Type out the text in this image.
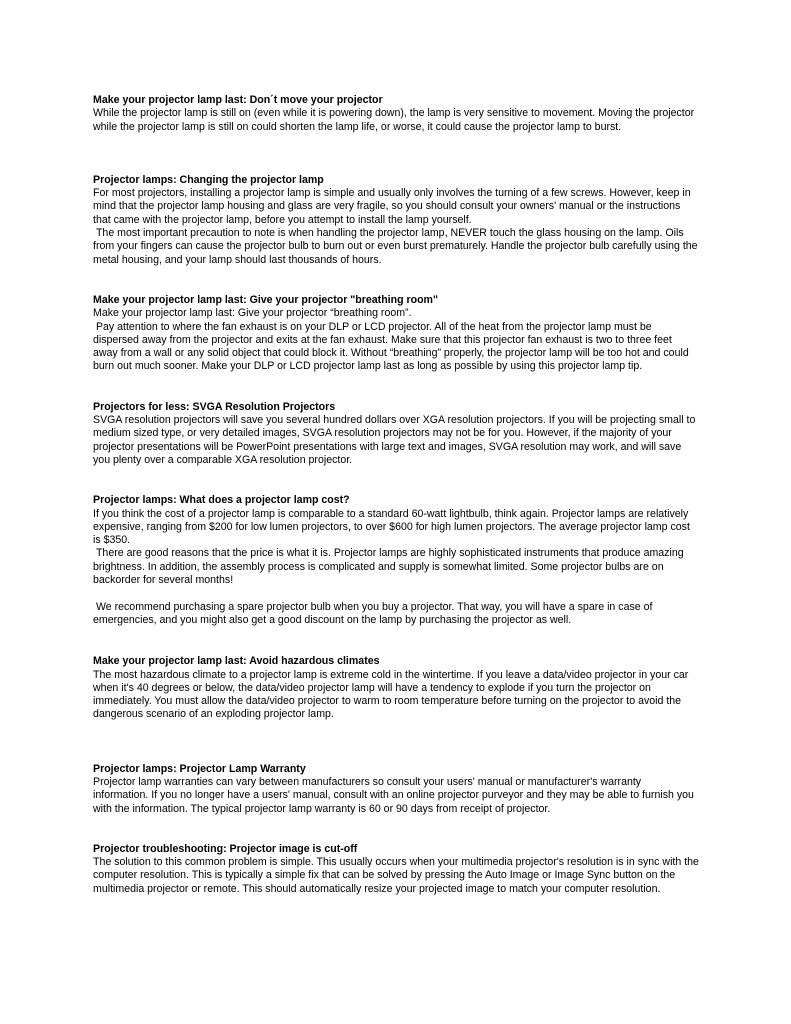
Make your projector lamp last: Don´t move your projector

While the projector lamp is still on (even while it is powering down), the lamp is very sensitive to movement. Moving the projector while the projector lamp is still on could shorten the lamp life, or worse, it could cause the projector lamp to burst.

Projector lamps: Changing the projector lamp

For most projectors, installing a projector lamp is simple and usually only involves the turning of a few screws. However, keep in mind that the projector lamp housing and glass are very fragile, so you should consult your owners' manual or the instructions that came with the projector lamp, before you attempt to install the lamp yourself.

The most important precaution to note is when handling the projector lamp, NEVER touch the glass housing on the lamp. Oils from your fingers can cause the projector bulb to burn out or even burst prematurely. Handle the projector bulb carefully using the metal housing, and your lamp should last thousands of hours.

Make your projector lamp last: Give your projector "breathing room"

Make your projector lamp last: Give your projector “breathing room”.

Pay attention to where the fan exhaust is on your DLP or LCD projector. All of the heat from the projector lamp must be dispersed away from the projector and exits at the fan exhaust. Make sure that this projector fan exhaust is two to three feet away from a wall or any solid object that could block it. Without “breathing” properly, the projector lamp will be too hot and could burn out much sooner. Make your DLP or LCD projector lamp last as long as possible by using this projector lamp tip.

Projectors for less: SVGA Resolution Projectors

SVGA resolution projectors will save you several hundred dollars over XGA resolution projectors. If you will be projecting small to medium sized type, or very detailed images, SVGA resolution projectors may not be for you. However, if the majority of your projector presentations will be PowerPoint presentations with large text and images, SVGA resolution may work, and will save you plenty over a comparable XGA resolution projector.

Projector lamps: What does a projector lamp cost?

If you think the cost of a projector lamp is comparable to a standard 60-watt lightbulb, think again. Projector lamps are relatively expensive, ranging from $200 for low lumen projectors, to over $600 for high lumen projectors. The average projector lamp cost is $350.

There are good reasons that the price is what it is. Projector lamps are highly sophisticated instruments that produce amazing brightness. In addition, the assembly process is complicated and supply is somewhat limited. Some projector bulbs are on backorder for several months!

We recommend purchasing a spare projector bulb when you buy a projector. That way, you will have a spare in case of emergencies, and you might also get a good discount on the lamp by purchasing the projector as well.

Make your projector lamp last: Avoid hazardous climates

The most hazardous climate to a projector lamp is extreme cold in the wintertime. If you leave a data/video projector in your car when it's 40 degrees or below, the data/video projector lamp will have a tendency to explode if you turn the projector on immediately. You must allow the data/video projector to warm to room temperature before turning on the projector to avoid the dangerous scenario of an exploding projector lamp.

Projector lamps: Projector Lamp Warranty

Projector lamp warranties can vary between manufacturers so consult your users' manual or manufacturer's warranty information. If you no longer have a users' manual, consult with an online projector purveyor and they may be able to furnish you with the information. The typical projector lamp warranty is 60 or 90 days from receipt of projector.

Projector troubleshooting: Projector image is cut-off

The solution to this common problem is simple. This usually occurs when your multimedia projector's resolution is in sync with the computer resolution. This is typically a simple fix that can be solved by pressing the Auto Image or Image Sync button on the multimedia projector or remote. This should automatically resize your projected image to match your computer resolution.
